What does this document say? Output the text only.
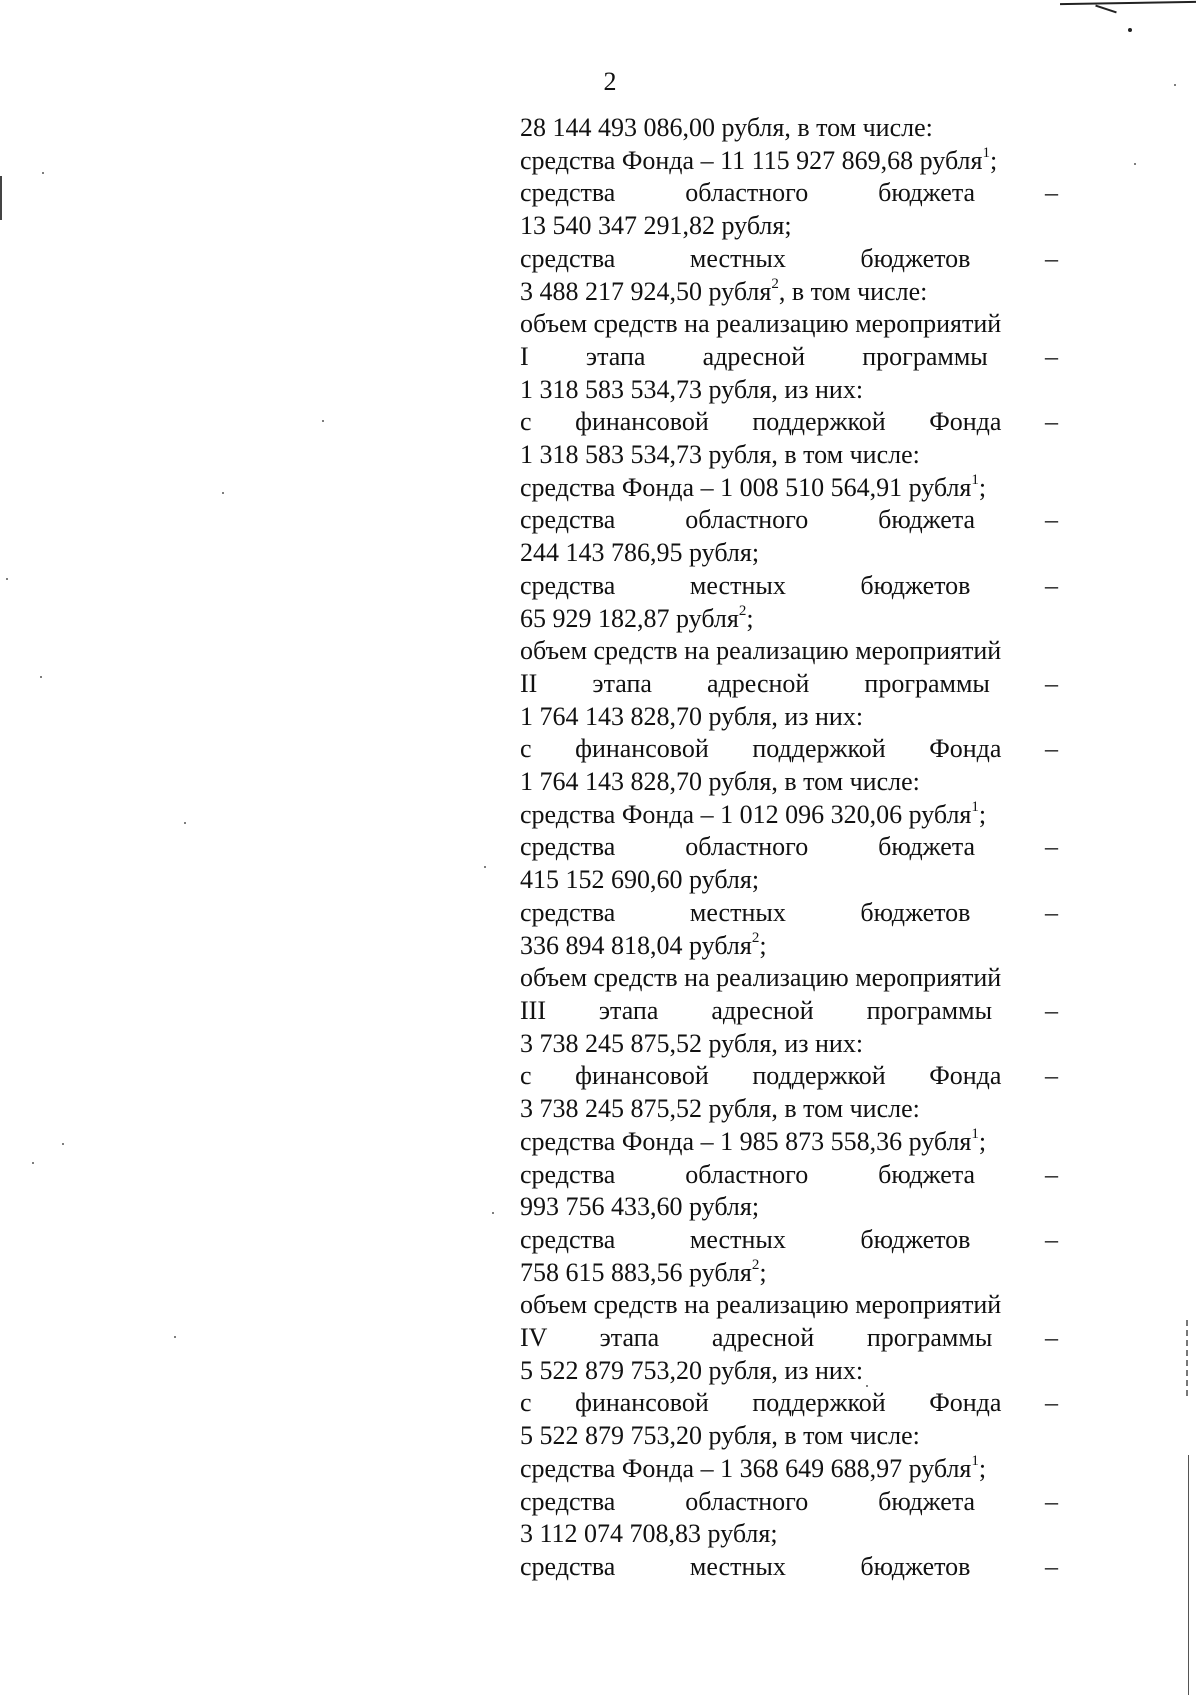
2
28 144 493 086,00 рубля, в том числе:
средства Фонда – 11 115 927 869,68 рубля$^1$;
средства областного бюджета –
13 540 347 291,82 рубля;
средства местных бюджетов –
3 488 217 924,50 рубля$^2$, в том числе:
объем средств на реализацию мероприятий
I этапа адресной программы –
1 318 583 534,73 рубля, из них:
с финансовой поддержкой Фонда –
1 318 583 534,73 рубля, в том числе:
средства Фонда – 1 008 510 564,91 рубля$^1$;
средства областного бюджета –
244 143 786,95 рубля;
средства местных бюджетов –
65 929 182,87 рубля$^2$;
объем средств на реализацию мероприятий
II этапа адресной программы –
1 764 143 828,70 рубля, из них:
с финансовой поддержкой Фонда –
1 764 143 828,70 рубля, в том числе:
средства Фонда – 1 012 096 320,06 рубля$^1$;
средства областного бюджета –
415 152 690,60 рубля;
средства местных бюджетов –
336 894 818,04 рубля$^2$;
объем средств на реализацию мероприятий
III этапа адресной программы –
3 738 245 875,52 рубля, из них:
с финансовой поддержкой Фонда –
3 738 245 875,52 рубля, в том числе:
средства Фонда – 1 985 873 558,36 рубля$^1$;
средства областного бюджета –
993 756 433,60 рубля;
средства местных бюджетов –
758 615 883,56 рубля$^2$;
объем средств на реализацию мероприятий
IV этапа адресной программы –
5 522 879 753,20 рубля, из них:
с финансовой поддержкой Фонда –
5 522 879 753,20 рубля, в том числе:
средства Фонда – 1 368 649 688,97 рубля$^1$;
средства областного бюджета –
3 112 074 708,83 рубля;
средства местных бюджетов –
